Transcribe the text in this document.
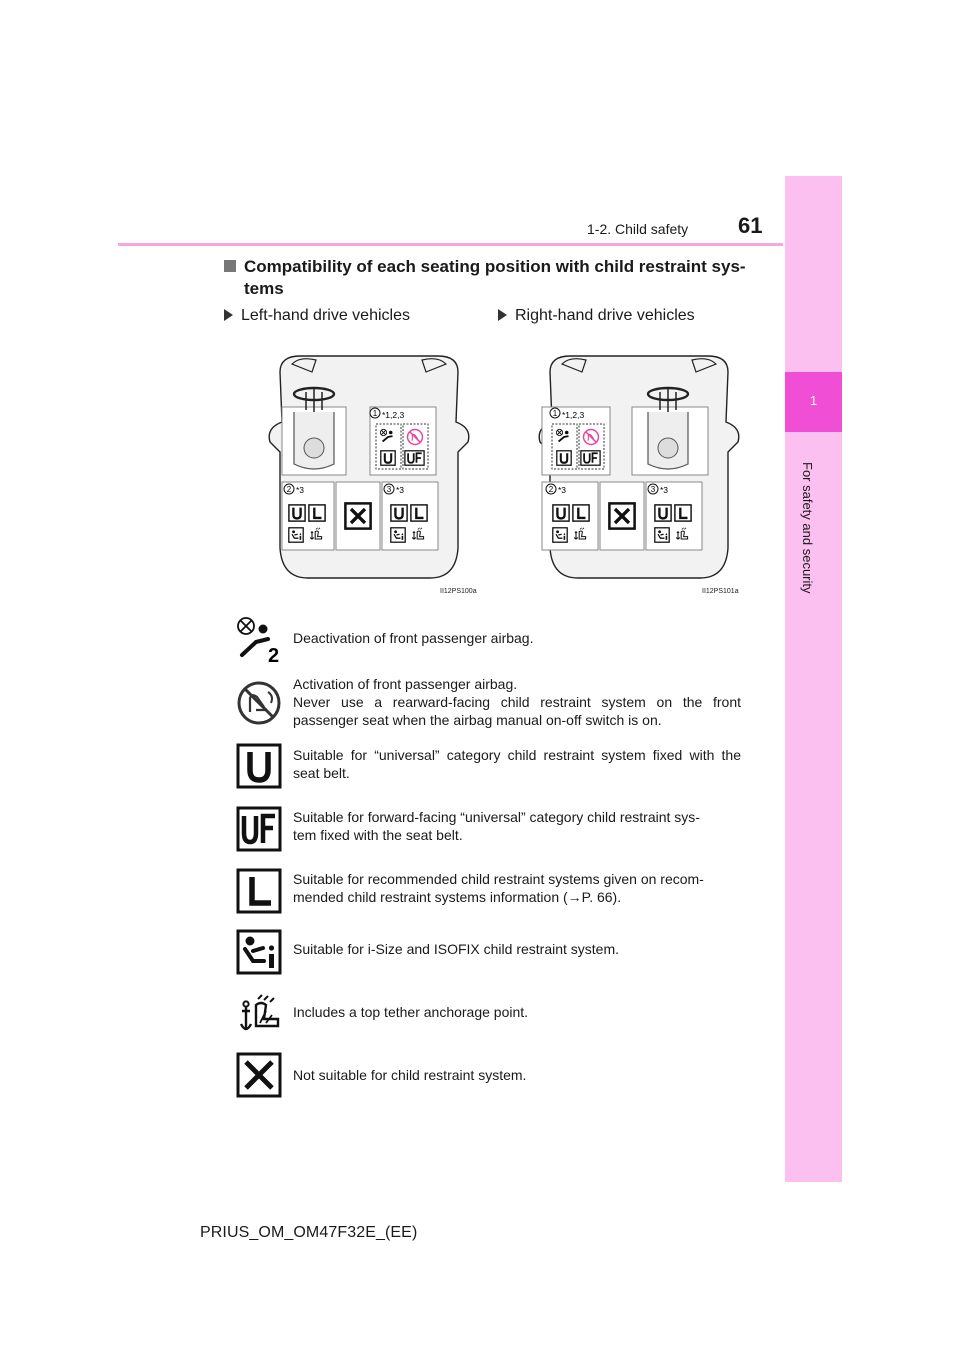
61
1-2. Child safety
1
For safety and security
Compatibility of each seating position with child restraint sys-
tems
Left-hand drive vehicles	Right-hand drive vehicles
1 *1,2,3
2 *3	3 *3
II12PS100a
1 *1,2,3
2 *3	3 *3
II12PS101a
2
Deactivation of front passenger airbag.
Activation of front passenger airbag.
Never use a rearward-facing child restraint system on the front passenger seat when the airbag manual on-off switch is on.
Suitable for “universal” category child restraint system fixed with the seat belt.
Suitable for forward-facing “universal” category child restraint sys-
tem fixed with the seat belt.
Suitable for recommended child restraint systems given on recom-
mended child restraint systems information (→P. 66).
Suitable for i-Size and ISOFIX child restraint system.
Includes a top tether anchorage point.
Not suitable for child restraint system.
PRIUS_OM_OM47F32E_(EE)
